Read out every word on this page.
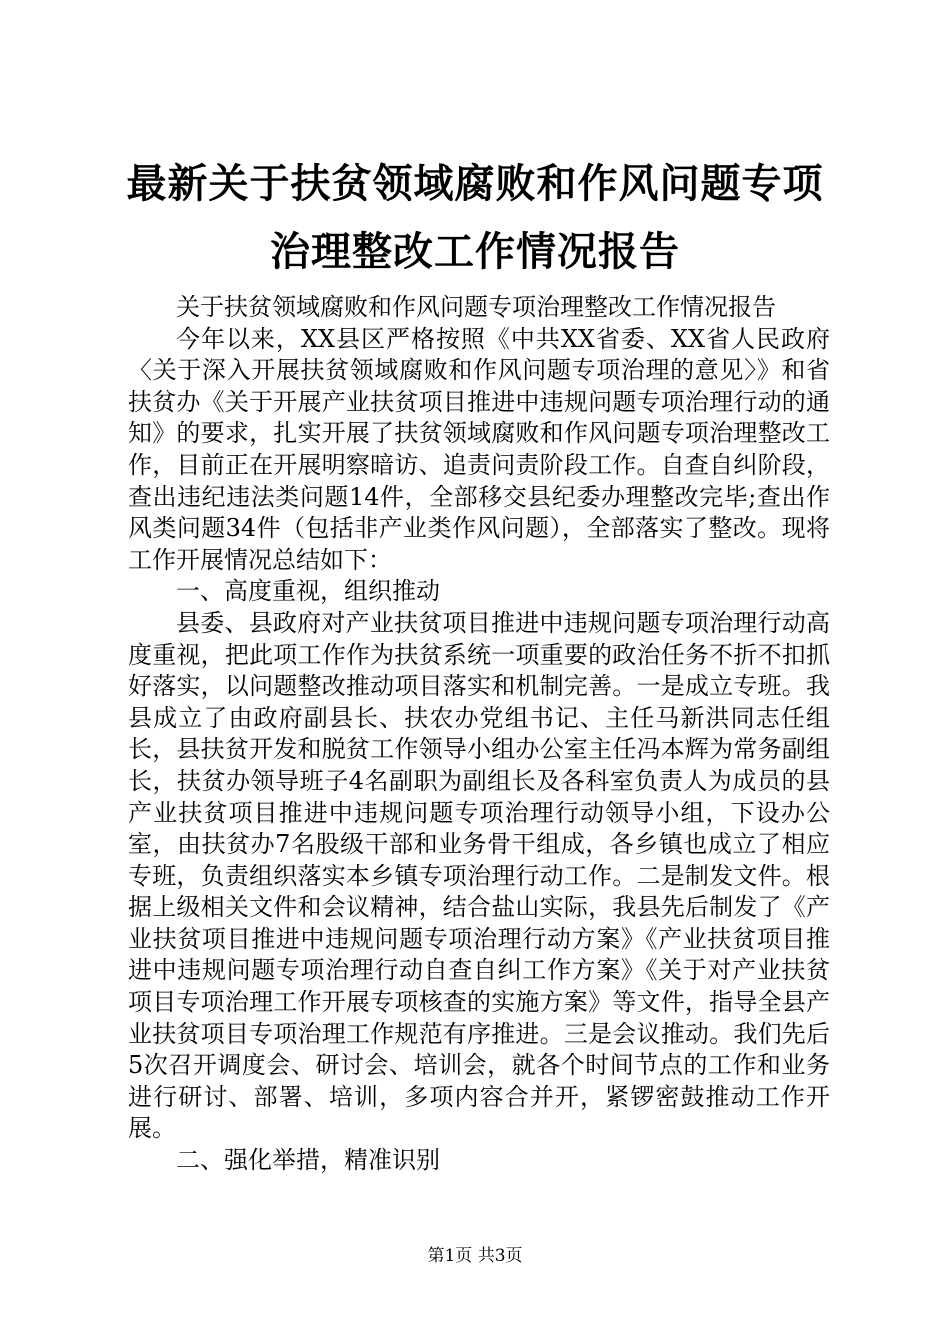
最新关于扶贫领域腐败和作风问题专项治理整改工作情况报告

关于扶贫领域腐败和作风问题专项治理整改工作情况报告

今年以来，XX县区严格按照《中共XX省委、XX省人民政府〈关于深入开展扶贫领域腐败和作风问题专项治理的意见〉》和省扶贫办《关于开展产业扶贫项目推进中违规问题专项治理行动的通知》的要求，扎实开展了扶贫领域腐败和作风问题专项治理整改工作，目前正在开展明察暗访、追责问责阶段工作。自查自纠阶段，查出违纪违法类问题14件，全部移交县纪委办理整改完毕;查出作风类问题34件（包括非产业类作风问题），全部落实了整改。现将工作开展情况总结如下：

一、高度重视，组织推动

县委、县政府对产业扶贫项目推进中违规问题专项治理行动高度重视，把此项工作作为扶贫系统一项重要的政治任务不折不扣抓好落实，以问题整改推动项目落实和机制完善。一是成立专班。我县成立了由政府副县长、扶农办党组书记、主任马新洪同志任组长，县扶贫开发和脱贫工作领导小组办公室主任冯本辉为常务副组长，扶贫办领导班子4名副职为副组长及各科室负责人为成员的县产业扶贫项目推进中违规问题专项治理行动领导小组，下设办公室，由扶贫办7名股级干部和业务骨干组成，各乡镇也成立了相应专班，负责组织落实本乡镇专项治理行动工作。二是制发文件。根据上级相关文件和会议精神，结合盐山实际，我县先后制发了《产业扶贫项目推进中违规问题专项治理行动方案》《产业扶贫项目推进中违规问题专项治理行动自查自纠工作方案》《关于对产业扶贫项目专项治理工作开展专项核查的实施方案》等文件，指导全县产业扶贫项目专项治理工作规范有序推进。三是会议推动。我们先后5次召开调度会、研讨会、培训会，就各个时间节点的工作和业务进行研讨、部署、培训，多项内容合并开，紧锣密鼓推动工作开展。

二、强化举措，精准识别

第1页 共3页
